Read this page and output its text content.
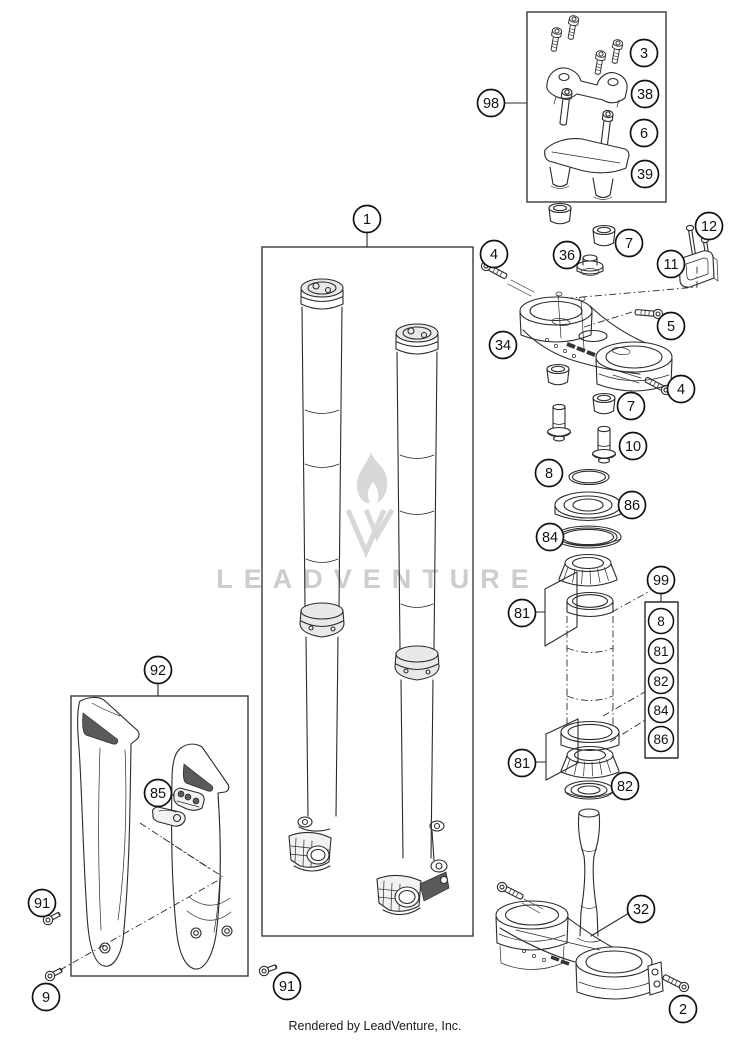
LEADVENTURE
8
81
82
84
86
98
3
38
6
39
1
4
7
36
12
11
34
5
4
7
10
8
86
84
99
81
81
82
32
2
92
85
91
9
91
Rendered by LeadVenture, Inc.
